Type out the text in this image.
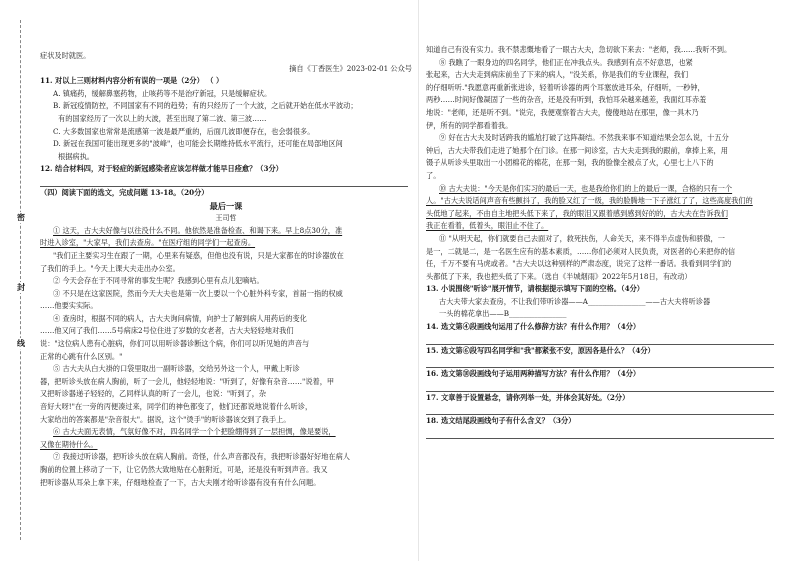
密
封
线
症状及时就医。
摘自《丁香医生》2023-02-01 公众号
11. 对以上三则材料内容分析有误的一项是（2分） （ ）
A. 镇痛药，缓解鼻塞药物，止咳药等不是治疗新冠，只是缓解症状。
B. 新冠疫情防控，不同国家有不同的趋势；有的只经历了一个大波，之后就开始在低水平波动；
有的国家经历了一次以上的大波，甚至出现了第二波、第三波……
C. 大多数国家也常常是流感第一波是最严重的，后面几波即便存在，也会弱很多。
D. 新冠在我国可能出现更多的"波峰"，也可能会长期维持低水平流行，还可能在局部地区间
根据病执。
12. 结合材料四，对于轻症的新冠感染者应该怎样做才能早日痊愈？（3分）
（四）阅读下面的选文，完成问题 13-18。（20分）
最后一课
王司哲
① 这天，古大夫好像与以往没什么不同。他依然是准备检查、和谒下来。早上8点30分，准
时进入诊室，"大家早，我们去查房。"在医疗组的同学们一起查房。
"我们正主要实习生在跟了一期，心里来有疑惑，但他也没有说，只是大家都在的时诊器放在
了我们的手上。"今天上课大夫走出办公室。
② 今天会存在于不同寻常的事发生呢？我感到心里有点儿犯嘀咕。
③ 不只是在这家医院，然而今天大夫也是第一次上要以一个心脏外科专家，首届一指的权威
……他要实实际。
④ 查房时，根据不同的病人，古大夫询问病情，向护士了解到病人用药后的变化
……他又问了我们……5号病床2号位住进了岁数的女老者，古大夫轻轻地对我们
说："这位病人患有心脏病，你们可以用听诊器诊断这个病，你们可以听见她的声音与
正常的心跳有什么区别。"
⑤ 古大夫从白大褂的口袋里取出一副听诊器，交给另外这一个人，甲戴上听诊
器，把听诊头放在病人胸前，听了一会儿，他轻轻地说："听到了，好像有杂音……"说着，甲
又把听诊器递子轻轻的，乙同样认真的听了一会儿，也说："听到了，杂
音好大呀!"在一旁的丙便凑过来，同学们的神色都变了，他们还都说地说着什么听诊，
大家给出的答案都是"杂音很大"。据说，这个"烫手"的听诊器该交到了我手上。
⑥ 古大夫面无表情，气氛好像不对，四名同学一个个把脸绷得到了一层担惆，像是要说，
又像在期待什么。
⑦ 我接过听诊器，把听诊头放在病人胸前。奇怪，什么声音都没有，我把听诊器好好地在病人
胸前的位置上移动了一下，让它仍然大致地贴在心脏附近，可是，还是没有听到声音。我又
把听诊器从耳朵上拿下来，仔细地检查了一下，古大夫刚才给听诊器有没有有什么问题。
知道自己有没有实力。我不禁悲慨地看了一眼古大夫，急切欲下来去："老师，我……我听不到。
⑧ 我瞧了一眼身边的四名同学，他们正在冲我点头。我感到有点不好意思，也紧
张起来，古大夫走到病床前坐了下来的病人，"没关系，你是我们的专业课程，我们
的仔细听听."我愿意再重新张进诊，轻着听诊器的两个耳塞放进耳朵，仔细听，一秒钟，
两秒……时间好像凝固了一些的杂音，还是没有听到，我怕耳朵越来越差，我面红耳赤羞
地说："老师，还是听不到。"说完，我便观察着古大夫，傻傻地站在那里，像一具木乃
伊，所有的同学都看着我。
⑨ 好在古大夫及时话跨我的尴尬打破了这阵凝结。不然我来事不知道结果会怎么说，十五分
钟后，古大夫带我们走进了她那个在门诊。在那一间诊室，古大夫走到我的跟前，拿捧上来，用
镊子从听诊头里取出一小团棉花的棉花，在那一刻，我的脸像全被点了火，心里七上八下的
了。
⑩ 古大夫说："今天是你们实习的最后一天，也是我给你们的上的最后一课，合格的只有一个
人。"古大夫说话间声音有些颤抖了，我的脸又红了一级，我的脸腾地一下子涨红了了，这些高度我们的
头低地了起来，不由自主地把头低下来了，我的眼泪又跟着感到感到好的的，古大夫在告诉我们
我正在看着，低着头，眼泪止不住了。
⑪ "从明天起，你们就要自己去面对了，救死扶伤，人命关天，来不得半点虚伪和骄傲，一
是一，二就是二，是一名医生应有的基本素质，……你们必须对人民负责，对医者的心来把你的信
任，千万不要有马虎或者。"古大夫以这种别样的严肃态度，说完了这样一番话。我看到同学们的
头都低了下来，我也把头低了下来。（选自《半城烟雨》2022年5月18日，有改动）
13. 小说围绕"听诊"展开情节，请根据提示填写下面的空格。（4分）
古大夫带大家去查房，不让我们带听诊器——A________________——古大夫将听诊器
一头的棉花拿出——B________________
14. 选文第④段画线句运用了什么修辞方法？有什么作用？（4分）
15. 选文第⑥段写四名同学和"我"都紧张不安，原因各是什么？（4分）
16. 选文第⑩段画线句子运用两种描写方法？有什么作用？（4分）
17. 文章善于设置悬念，请你列举一处，并体会其好处。（2分）
18. 选文结尾段画线句子有什么含义？（3分）
